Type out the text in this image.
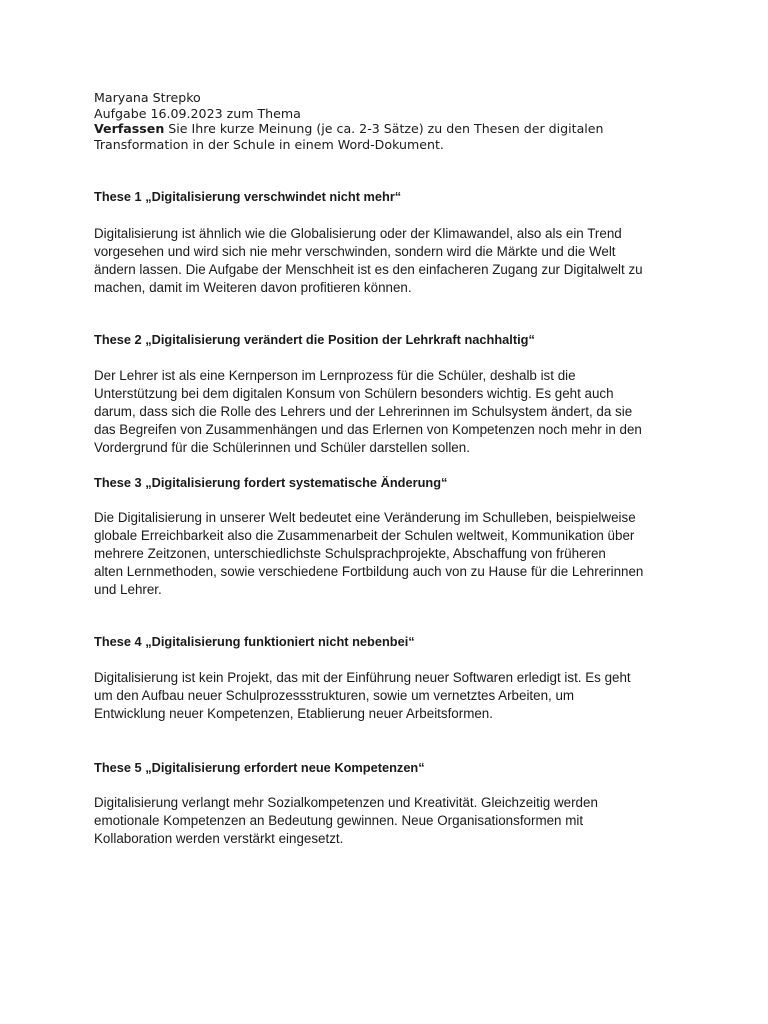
Maryana Strepko
Aufgabe 16.09.2023 zum Thema
Verfassen Sie Ihre kurze Meinung (je ca. 2-3 Sätze) zu den Thesen der digitalen Transformation in der Schule in einem Word-Dokument.
These 1 „Digitalisierung verschwindet nicht mehr“
Digitalisierung ist ähnlich wie die Globalisierung oder der Klimawandel, also als ein Trend
vorgesehen und wird sich nie mehr verschwinden, sondern wird die Märkte und die Welt
ändern lassen. Die Aufgabe der Menschheit ist es den einfacheren Zugang zur Digitalwelt zu
machen, damit im Weiteren davon profitieren können.
These 2 „Digitalisierung verändert die Position der Lehrkraft nachhaltig“
Der Lehrer ist als eine Kernperson im Lernprozess für die Schüler, deshalb ist die
Unterstützung bei dem digitalen Konsum von Schülern besonders wichtig. Es geht auch
darum, dass sich die Rolle des Lehrers und der Lehrerinnen im Schulsystem ändert, da sie
das Begreifen von Zusammenhängen und das Erlernen von Kompetenzen noch mehr in den
Vordergrund für die Schülerinnen und Schüler darstellen sollen.
These 3 „Digitalisierung fordert systematische Änderung“
Die Digitalisierung in unserer Welt bedeutet eine Veränderung im Schulleben, beispielweise
globale Erreichbarkeit also die Zusammenarbeit der Schulen weltweit, Kommunikation über
mehrere Zeitzonen, unterschiedlichste Schulsprachprojekte, Abschaffung von früheren
alten Lernmethoden, sowie verschiedene Fortbildung auch von zu Hause für die Lehrerinnen
und Lehrer.
These 4 „Digitalisierung funktioniert nicht nebenbei“
Digitalisierung ist kein Projekt, das mit der Einführung neuer Softwaren erledigt ist. Es geht
um den Aufbau neuer Schulprozessstrukturen, sowie um vernetztes Arbeiten, um
Entwicklung neuer Kompetenzen, Etablierung neuer Arbeitsformen.
These 5 „Digitalisierung erfordert neue Kompetenzen“
Digitalisierung verlangt mehr Sozialkompetenzen und Kreativität. Gleichzeitig werden
emotionale Kompetenzen an Bedeutung gewinnen. Neue Organisationsformen mit
Kollaboration werden verstärkt eingesetzt.
